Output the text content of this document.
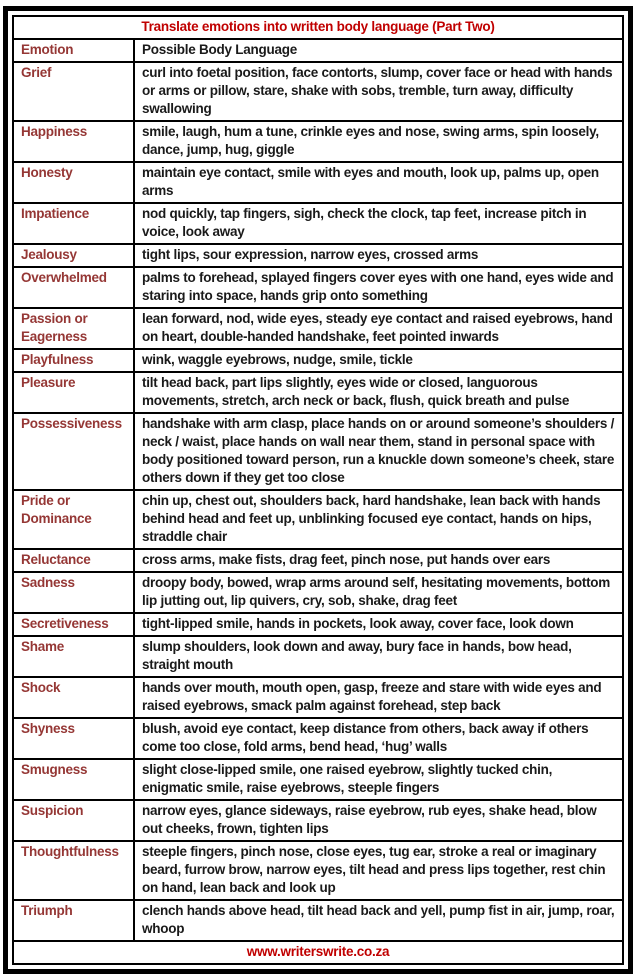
Translate emotions into written body language (Part Two)	
Emotion	Possible Body Language
Grief	curl into foetal position, face contorts, slump, cover face or head with hands or arms or pillow, stare, shake with sobs, tremble, turn away, difficulty swallowing
Happiness	smile, laugh, hum a tune, crinkle eyes and nose, swing arms, spin loosely, dance, jump, hug, giggle
Honesty	maintain eye contact, smile with eyes and mouth, look up, palms up, open arms
Impatience	nod quickly, tap fingers, sigh, check the clock, tap feet, increase pitch in voice, look away
Jealousy	tight lips, sour expression, narrow eyes, crossed arms
Overwhelmed	palms to forehead, splayed fingers cover eyes with one hand, eyes wide and staring into space, hands grip onto something
Passion or Eagerness	lean forward, nod, wide eyes, steady eye contact and raised eyebrows, hand on heart, double-handed handshake, feet pointed inwards
Playfulness	wink, waggle eyebrows, nudge, smile, tickle
Pleasure	tilt head back, part lips slightly, eyes wide or closed, languorous movements, stretch, arch neck or back, flush, quick breath and pulse
Possessiveness	handshake with arm clasp, place hands on or around someone’s shoulders / neck / waist, place hands on wall near them, stand in personal space with body positioned toward person, run a knuckle down someone’s cheek, stare others down if they get too close
Pride or Dominance	chin up, chest out, shoulders back, hard handshake, lean back with hands behind head and feet up, unblinking focused eye contact, hands on hips, straddle chair
Reluctance	cross arms, make fists, drag feet, pinch nose, put hands over ears
Sadness	droopy body, bowed, wrap arms around self, hesitating movements, bottom lip jutting out, lip quivers, cry, sob, shake, drag feet
Secretiveness	tight-lipped smile, hands in pockets, look away, cover face, look down
Shame	slump shoulders, look down and away, bury face in hands, bow head, straight mouth
Shock	hands over mouth, mouth open, gasp, freeze and stare with wide eyes and raised eyebrows, smack palm against forehead, step back
Shyness	blush, avoid eye contact, keep distance from others, back away if others come too close, fold arms, bend head, ‘hug’ walls
Smugness	slight close-lipped smile, one raised eyebrow, slightly tucked chin, enigmatic smile, raise eyebrows, steeple fingers
Suspicion	narrow eyes, glance sideways, raise eyebrow, rub eyes, shake head, blow out cheeks, frown, tighten lips
Thoughtfulness	steeple fingers, pinch nose, close eyes, tug ear, stroke a real or imaginary beard, furrow brow, narrow eyes, tilt head and press lips together, rest chin on hand, lean back and look up
Triumph	clench hands above head, tilt head back and yell, pump fist in air, jump, roar, whoop
www.writerswrite.co.za	
